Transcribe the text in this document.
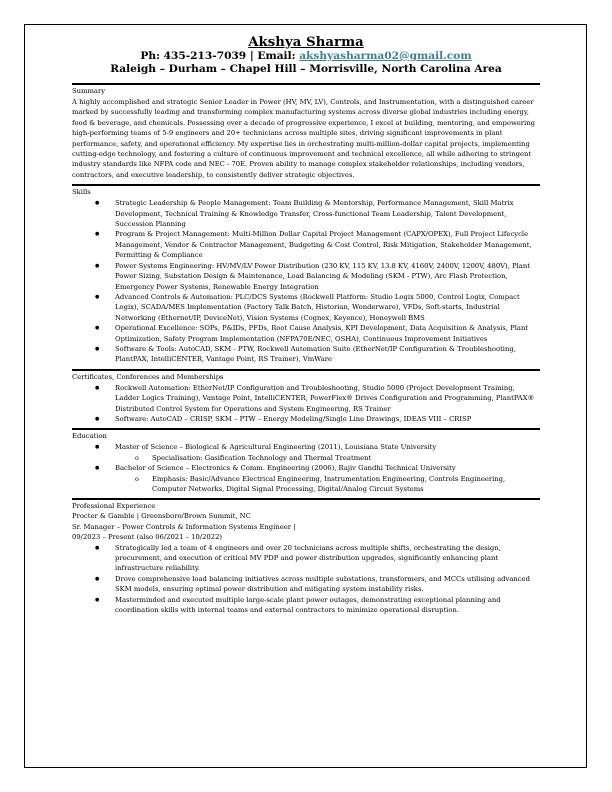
Akshya Sharma
Ph: 435-213-7039 | Email: akshyasharma02@gmail.com
Raleigh – Durham – Chapel Hill – Morrisville, North Carolina Area
Summary
A highly accomplished and strategic Senior Leader in Power (HV, MV, LV), Controls, and Instrumentation, with a distinguished career marked by successfully leading and transforming complex manufacturing systems across diverse global industries including energy, food & beverage, and chemicals. Possessing over a decade of progressive experience, I excel at building, mentoring, and empowering high-performing teams of 5-9 engineers and 20+ technicians across multiple sites, driving significant improvements in plant performance, safety, and operational efficiency. My expertise lies in orchestrating multi-million-dollar capital projects, implementing cutting-edge technology, and fostering a culture of continuous improvement and technical excellence, all while adhering to stringent industry standards like NFPA code and NEC - 70E. Proven ability to manage complex stakeholder relationships, including vendors, contractors, and executive leadership, to consistently deliver strategic objectives.
Skills
● Strategic Leadership & People Management: Team Building & Mentorship, Performance Management, Skill Matrix Development, Technical Training & Knowledge Transfer, Cross-functional Team Leadership, Talent Development, Succession Planning
● Program & Project Management: Multi-Million Dollar Capital Project Management (CAPX/OPEX), Full Project Lifecycle Management, Vendor & Contractor Management, Budgeting & Cost Control, Risk Mitigation, Stakeholder Management, Permitting & Compliance
● Power Systems Engineering: HV/MV/LV Power Distribution (230 KV, 115 KV, 13.8 KV, 4160V, 2400V, 1200V, 480V), Plant Power Sizing, Substation Design & Maintenance, Load Balancing & Modeling (SKM - PTW), Arc Flash Protection, Emergency Power Systems, Renewable Energy Integration
● Advanced Controls & Automation: PLC/DCS Systems (Rockwell Platform: Studio Logix 5000, Control Logix, Compact Logix), SCADA/MES Implementation (Factory Talk Batch, Historian, Wonderware), VFDs, Soft-starts, Industrial Networking (Ethernet/IP, DeviceNet), Vision Systems (Cognex, Keyence), Honeywell BMS
● Operational Excellence: SOPs, P&IDs, PFDs, Root Cause Analysis, KPI Development, Data Acquisition & Analysis, Plant Optimization, Safety Program Implementation (NFPA70E/NEC, OSHA), Continuous Improvement Initiatives
● Software & Tools: AutoCAD, SKM - PTW, Rockwell Automation Suite (EtherNet/IP Configuration & Troubleshooting, PlantPAX, IntelliCENTER, Vantage Point, RS Trainer), VmWare
Certificates, Conferences and Memberships
● Rockwell Automation: EtherNet/IP Configuration and Troubleshooting, Studio 5000 (Project Development Training, Ladder Logics Training), Vantage Point, IntelliCENTER, PowerFlex® Drives Configuration and Programming, PlantPAX® Distributed Control System for Operations and System Engineering, RS Trainer
● Software: AutoCAD – CRISP, SKM – PTW – Energy Modeling/Single Line Drawings, IDEAS VIII – CRISP
Education
● Master of Science – Biological & Agricultural Engineering (2011), Louisiana State University
o Specialisation: Gasification Technology and Thermal Treatment
● Bachelor of Science – Electronics & Comm. Engineering (2006), Rajiv Gandhi Technical University
o Emphasis: Basic/Advance Electrical Engineering, Instrumentation Engineering, Controls Engineering, Computer Networks, Digital Signal Processing, Digital/Analog Circuit Systems
Professional Experience
Procter & Gamble | Greensboro/Brown Summit, NC
Sr. Manager – Power Controls & Information Systems Engineer |
09/2023 – Present (also 06/2021 – 10/2022)
● Strategically led a team of 4 engineers and over 20 technicians across multiple shifts, orchestrating the design, procurement, and execution of critical MV PDP and power distribution upgrades, significantly enhancing plant infrastructure reliability.
● Drove comprehensive load balancing initiatives across multiple substations, transformers, and MCCs utilising advanced SKM models, ensuring optimal power distribution and mitigating system instability risks.
● Masterminded and executed multiple large-scale plant power outages, demonstrating exceptional planning and coordination skills with internal teams and external contractors to minimize operational disruption.
